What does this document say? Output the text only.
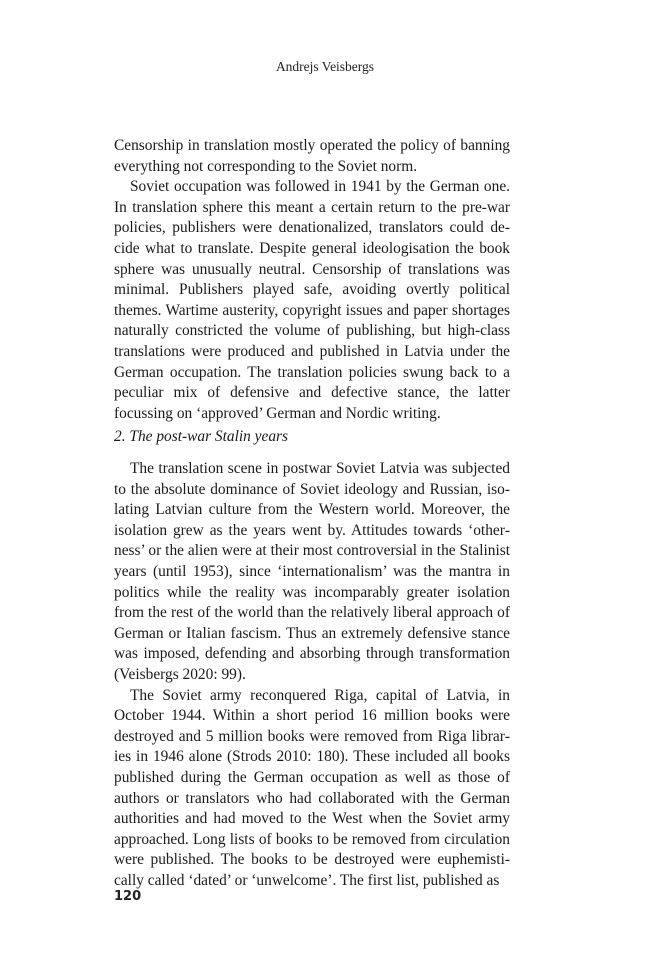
Andrejs Veisbergs

Censorship in translation mostly operated the policy of banning everything not corresponding to the Soviet norm.

Soviet occupation was followed in 1941 by the German one. In translation sphere this meant a certain return to the pre-war policies, publishers were denationalized, translators could decide what to translate. Despite general ideologisation the book sphere was unusually neutral. Censorship of translations was minimal. Publishers played safe, avoiding overtly political themes. Wartime austerity, copyright issues and paper shortages naturally constricted the volume of publishing, but high-class translations were produced and published in Latvia under the German occupation. The translation policies swung back to a peculiar mix of defensive and defective stance, the latter focussing on ‘approved’ German and Nordic writing.

2. The post-war Stalin years

The translation scene in postwar Soviet Latvia was subjected to the absolute dominance of Soviet ideology and Russian, isolating Latvian culture from the Western world. Moreover, the isolation grew as the years went by. Attitudes towards ‘otherness’ or the alien were at their most controversial in the Stalinist years (until 1953), since ‘internationalism’ was the mantra in politics while the reality was incomparably greater isolation from the rest of the world than the relatively liberal approach of German or Italian fascism. Thus an extremely defensive stance was imposed, defending and absorbing through transformation (Veisbergs 2020: 99).

The Soviet army reconquered Riga, capital of Latvia, in October 1944. Within a short period 16 million books were destroyed and 5 million books were removed from Riga libraries in 1946 alone (Strods 2010: 180). These included all books published during the German occupation as well as those of authors or translators who had collaborated with the German authorities and had moved to the West when the Soviet army approached. Long lists of books to be removed from circulation were published. The books to be destroyed were euphemistically called ‘dated’ or ‘unwelcome’. The first list, published as

120
